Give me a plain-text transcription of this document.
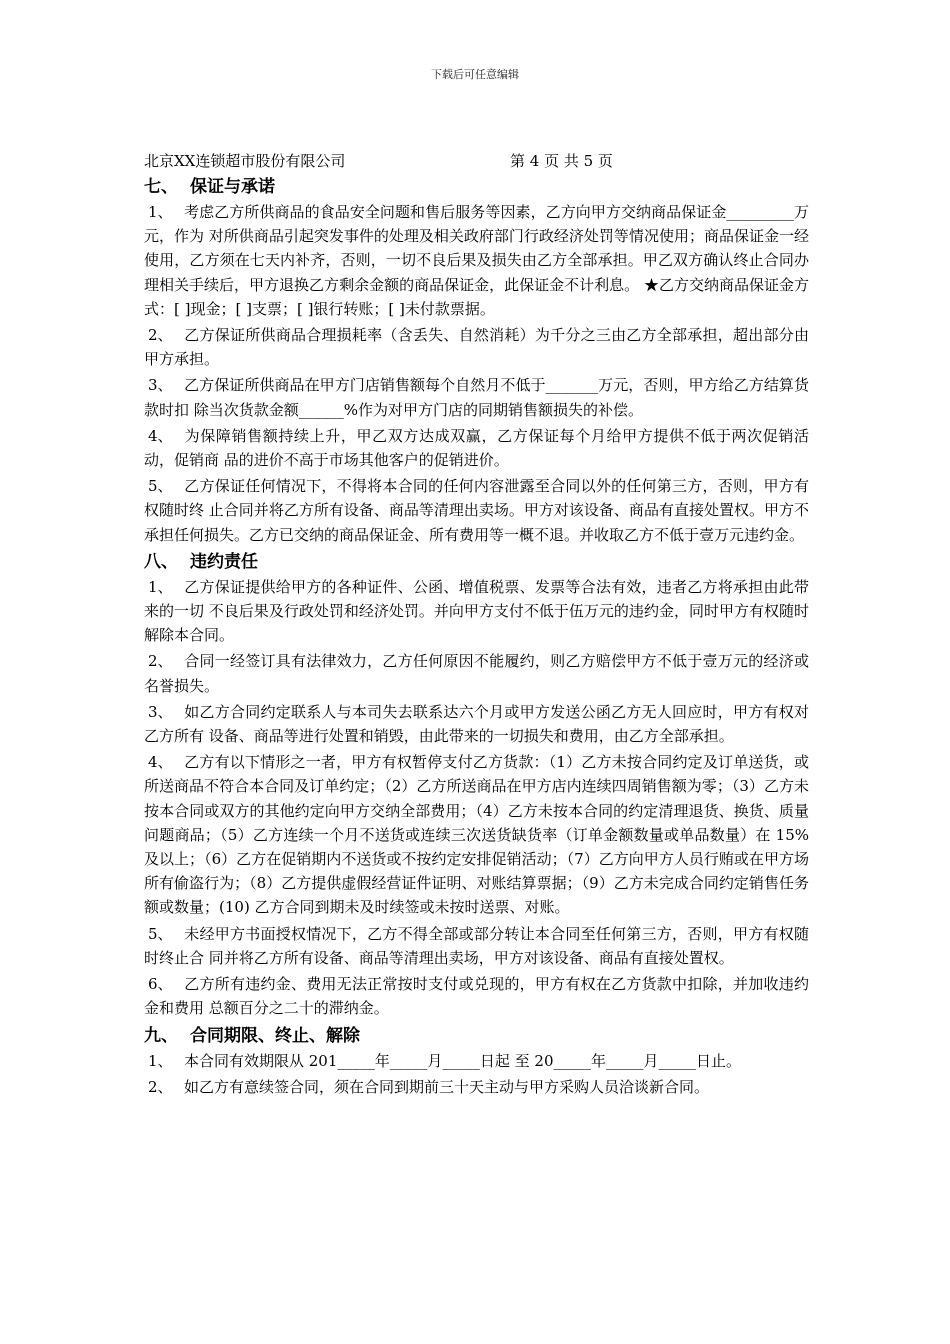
下载后可任意编辑
北京XX连锁超市股份有限公司	第 4 页 共 5 页
七、 保证与承诺

1、 考虑乙方所供商品的食品安全问题和售后服务等因素，乙方向甲方交纳商品保证金_________万元，作为 对所供商品引起突发事件的处理及相关政府部门行政经济处罚等情况使用；商品保证金一经使用，乙方须在七天内补齐，否则，一切不良后果及损失由乙方全部承担。甲乙双方确认终止合同办理相关手续后，甲方退换乙方剩余金额的商品保证金，此保证金不计利息。 ★乙方交纳商品保证金方式：[ ]现金；[ ]支票；[ ]银行转账；[ ]未付款票据。

2、 乙方保证所供商品合理损耗率（含丢失、自然消耗）为千分之三由乙方全部承担，超出部分由甲方承担。

3、 乙方保证所供商品在甲方门店销售额每个自然月不低于_______万元，否则，甲方给乙方结算货款时扣 除当次货款金额______%作为对甲方门店的同期销售额损失的补偿。

4、 为保障销售额持续上升，甲乙双方达成双赢，乙方保证每个月给甲方提供不低于两次促销活动，促销商 品的进价不高于市场其他客户的促销进价。

5、 乙方保证任何情况下，不得将本合同的任何内容泄露至合同以外的任何第三方，否则，甲方有权随时终 止合同并将乙方所有设备、商品等清理出卖场。甲方对该设备、商品有直接处置权。甲方不承担任何损失。乙方已交纳的商品保证金、所有费用等一概不退。并收取乙方不低于壹万元违约金。

八、 违约责任

1、 乙方保证提供给甲方的各种证件、公函、增值税票、发票等合法有效，违者乙方将承担由此带来的一切 不良后果及行政处罚和经济处罚。并向甲方支付不低于伍万元的违约金，同时甲方有权随时解除本合同。

2、 合同一经签订具有法律效力，乙方任何原因不能履约，则乙方赔偿甲方不低于壹万元的经济或名誉损失。

3、 如乙方合同约定联系人与本司失去联系达六个月或甲方发送公函乙方无人回应时，甲方有权对乙方所有 设备、商品等进行处置和销毁，由此带来的一切损失和费用，由乙方全部承担。

4、 乙方有以下情形之一者，甲方有权暂停支付乙方货款：（1）乙方未按合同约定及订单送货，或所送商品不符合本合同及订单约定；（2）乙方所送商品在甲方店内连续四周销售额为零；（3）乙方未按本合同或双方的其他约定向甲方交纳全部费用；（4）乙方未按本合同的约定清理退货、换货、质量问题商品；（5）乙方连续一个月不送货或连续三次送货缺货率（订单金额数量或单品数量）在 15%及以上；（6）乙方在促销期内不送货或不按约定安排促销活动；（7）乙方向甲方人员行贿或在甲方场所有偷盗行为；（8）乙方提供虚假经营证件证明、对账结算票据；（9）乙方未完成合同约定销售任务额或数量；(10) 乙方合同到期未及时续签或未按时送票、对账。

5、 未经甲方书面授权情况下，乙方不得全部或部分转让本合同至任何第三方，否则，甲方有权随时终止合 同并将乙方所有设备、商品等清理出卖场，甲方对该设备、商品有直接处置权。

6、 乙方所有违约金、费用无法正常按时支付或兑现的，甲方有权在乙方货款中扣除，并加收违约金和费用 总额百分之二十的滞纳金。

九、 合同期限、终止、解除

1、 本合同有效期限从 201_____年_____月_____日起 至 20_____年_____月_____日止。

2、 如乙方有意续签合同，须在合同到期前三十天主动与甲方采购人员洽谈新合同。
